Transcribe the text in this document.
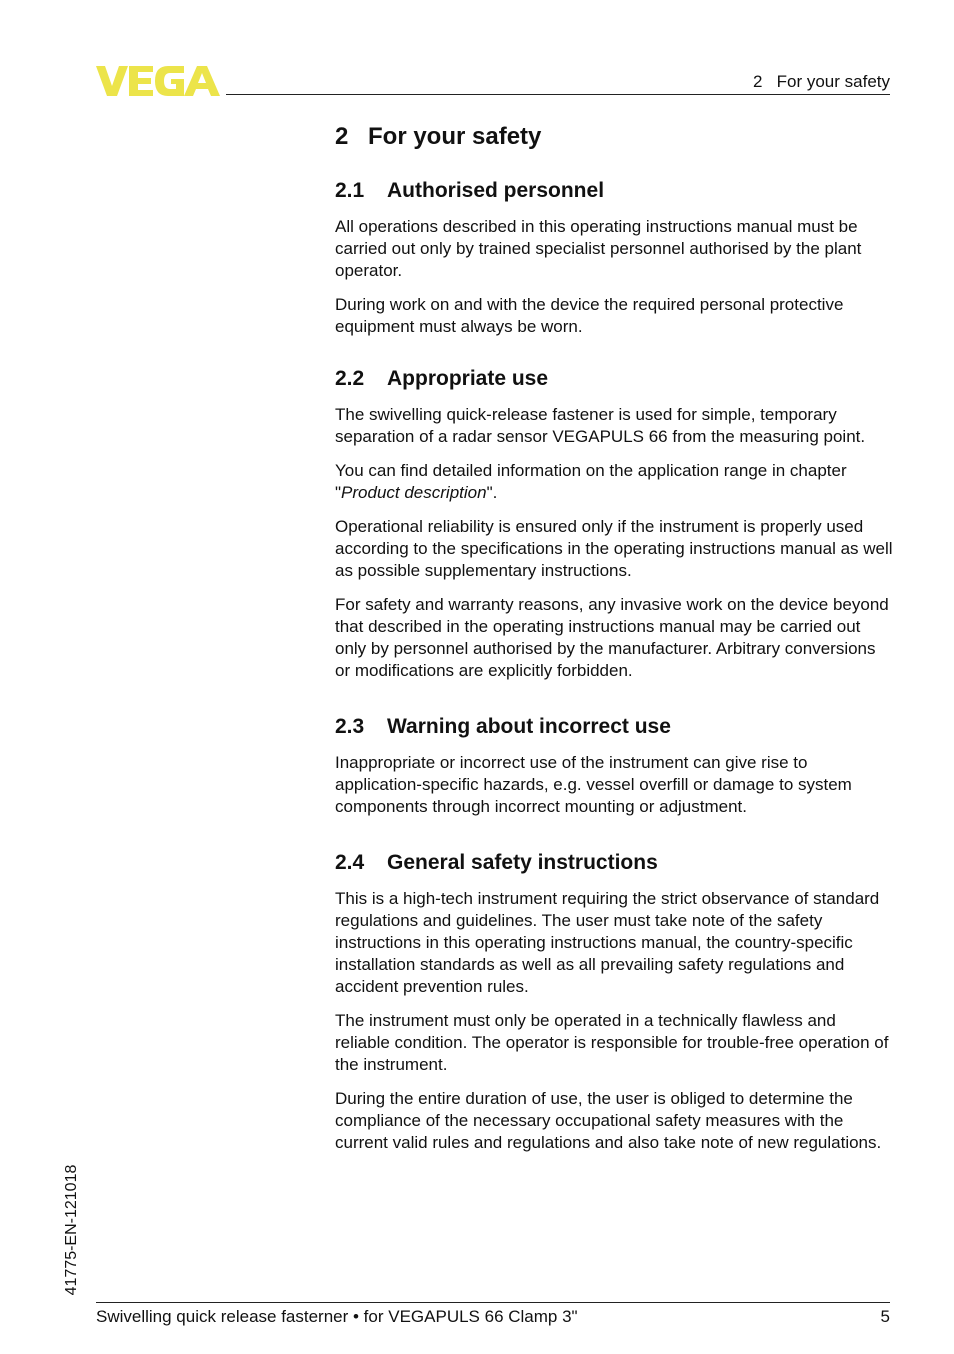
2   For your safety
2 For your safety
2.1 Authorised personnel

All operations described in this operating instructions manual must be carried out only by trained specialist personnel authorised by the plant operator.

During work on and with the device the required personal protective equipment must always be worn.

2.2 Appropriate use

The swivelling quick-release fastener is used for simple, temporary separation of a radar sensor VEGAPULS 66 from the measuring point.

You can find detailed information on the application range in chapter "Product description".

Operational reliability is ensured only if the instrument is properly used according to the specifications in the operating instructions manual as well as possible supplementary instructions.

For safety and warranty reasons, any invasive work on the device beyond that described in the operating instructions manual may be carried out only by personnel authorised by the manufacturer. Arbitrary conversions or modifications are explicitly forbidden.

2.3 Warning about incorrect use

Inappropriate or incorrect use of the instrument can give rise to application-specific hazards, e.g. vessel overfill or damage to system components through incorrect mounting or adjustment.

2.4 General safety instructions

This is a high-tech instrument requiring the strict observance of standard regulations and guidelines. The user must take note of the safety instructions in this operating instructions manual, the country-specific installation standards as well as all prevailing safety regulations and accident prevention rules.

The instrument must only be operated in a technically flawless and reliable condition. The operator is responsible for trouble-free operation of the instrument.

During the entire duration of use, the user is obliged to determine the compliance of the necessary occupational safety measures with the current valid rules and regulations and also take note of new regulations.

41775-EN-121018
Swivelling quick release fasterner • for VEGAPULS 66 Clamp 3"	5
